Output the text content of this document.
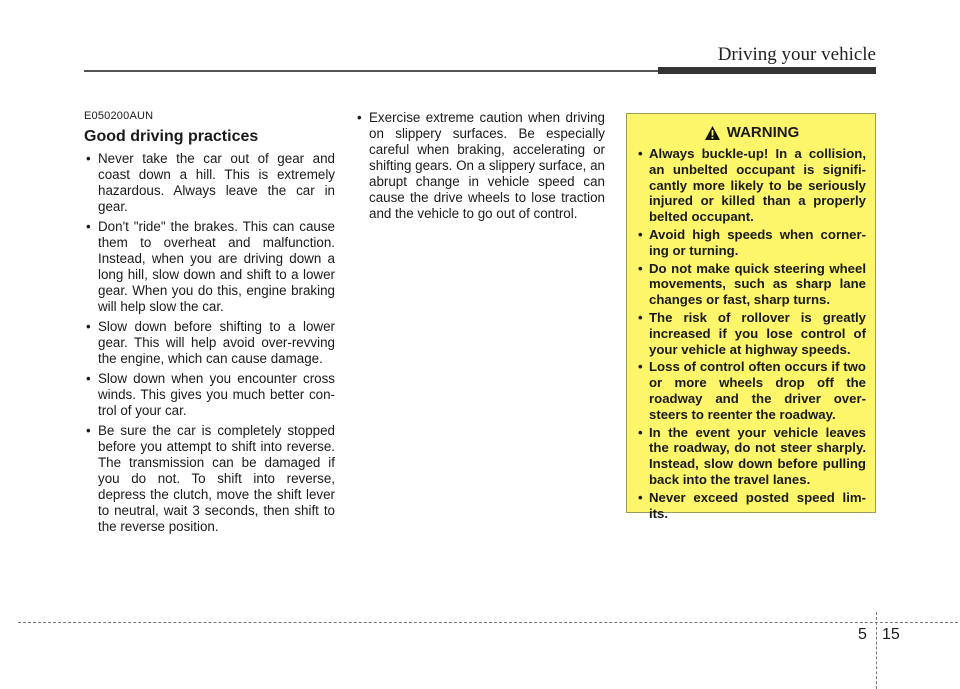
Driving your vehicle
E050200AUN
Good driving practices
• Never take the car out of gear and coast down a hill. This is extremely hazardous. Always leave the car in gear.
• Don't "ride" the brakes. This can cause them to overheat and malfunction. Instead, when you are driving down a long hill, slow down and shift to a lower gear. When you do this, engine braking will help slow the car.
• Slow down before shifting to a lower gear. This will help avoid over-revving the engine, which can cause damage.
• Slow down when you encounter cross winds. This gives you much better con-trol of your car.
• Be sure the car is completely stopped before you attempt to shift into reverse. The transmission can be damaged if you do not. To shift into reverse, depress the clutch, move the shift lever to neutral, wait 3 seconds, then shift to the reverse position.
• Exercise extreme caution when driving on slippery surfaces. Be especially careful when braking, accelerating or shifting gears. On a slippery surface, an abrupt change in vehicle speed can cause the drive wheels to lose traction and the vehicle to go out of control.
WARNING
• Always buckle-up! In a collision, an unbelted occupant is signifi-cantly more likely to be seriously injured or killed than a properly belted occupant.
• Avoid high speeds when corner-ing or turning.
• Do not make quick steering wheel movements, such as sharp lane changes or fast, sharp turns.
• The risk of rollover is greatly increased if you lose control of your vehicle at highway speeds.
• Loss of control often occurs if two or more wheels drop off the roadway and the driver over-steers to reenter the roadway.
• In the event your vehicle leaves the roadway, do not steer sharply. Instead, slow down before pulling back into the travel lanes.
• Never exceed posted speed lim-its.
5 15
